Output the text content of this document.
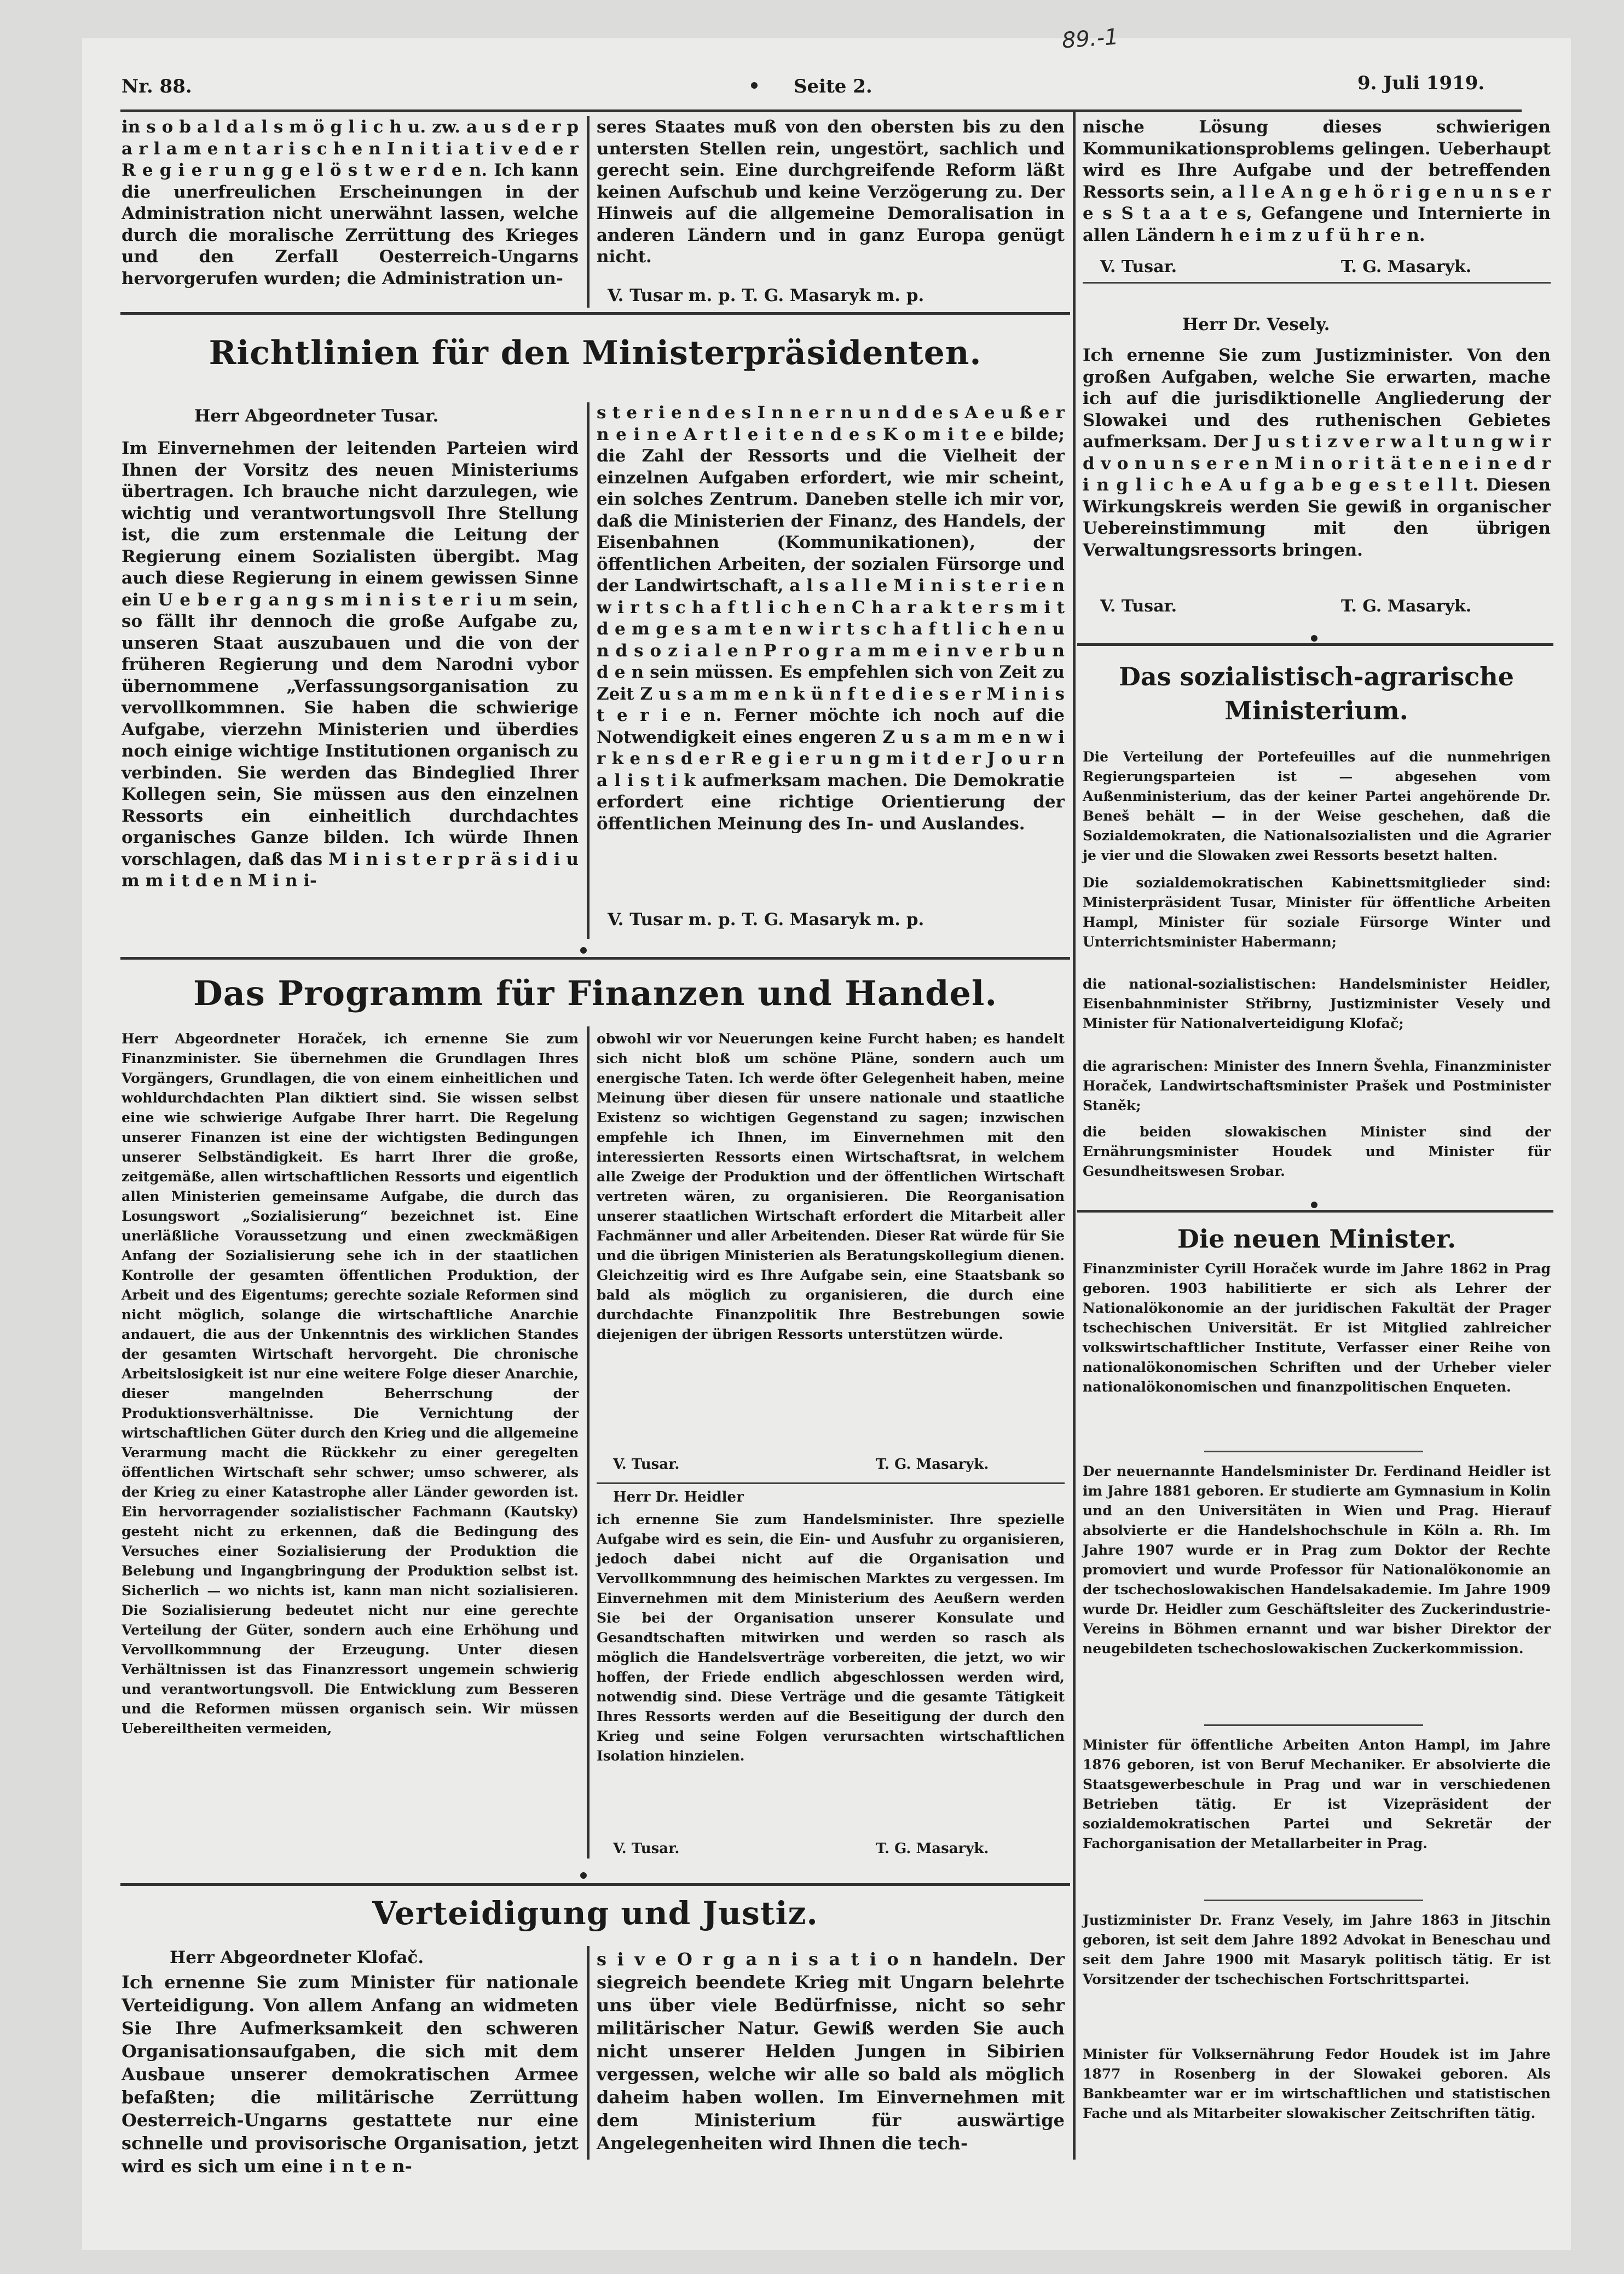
Nr. 88.	Seite 2.	9. Juli 1919.
89.-1
in s o b a l d a l s m ö g l i c h u. zw. a u s d e r p a r l a m e n t a r i s c h e n I n i t i a t i v e d e r R e g i e r u n g g e l ö s t w e r d e n. Ich kann die unerfreulichen Erscheinungen in der Administration nicht unerwähnt lassen, welche durch die moralische Zerrüttung des Krieges und den Zerfall Oesterreich-Ungarns hervorgerufen wurden; die Administration un-
seres Staates muß von den obersten bis zu den untersten Stellen rein, ungestört, sachlich und gerecht sein. Eine durchgreifende Reform läßt keinen Aufschub und keine Verzögerung zu. Der Hinweis auf die allgemeine Demoralisation in anderen Ländern und in ganz Europa genügt nicht.
V. Tusar m. p. T. G. Masaryk m. p.
nische Lösung dieses schwierigen Kommunikationsproblems gelingen. Ueberhaupt wird es Ihre Aufgabe und der betreffenden Ressorts sein, a l l e A n g e h ö r i g e n u n s e r e s S t a a t e s, Gefangene und Internierte in allen Ländern h e i m z u f ü h r e n.
V. Tusar.	T. G. Masaryk.
Richtlinien für den Ministerpräsidenten.
Herr Abgeordneter Tusar.
Im Einvernehmen der leitenden Parteien wird Ihnen der Vorsitz des neuen Ministeriums übertragen. Ich brauche nicht darzulegen, wie wichtig und verantwortungsvoll Ihre Stellung ist, die zum erstenmale die Leitung der Regierung einem Sozialisten übergibt. Mag auch diese Regierung in einem gewissen Sinne ein U e b e r g a n g s m i n i s t e r i u m sein, so fällt ihr dennoch die große Aufgabe zu, unseren Staat auszubauen und die von der früheren Regierung und dem Narodni vybor übernommene „Verfassungsorganisation zu vervollkommnen. Sie haben die schwierige Aufgabe, vierzehn Ministerien und überdies noch einige wichtige Institutionen organisch zu verbinden. Sie werden das Bindeglied Ihrer Kollegen sein, Sie müssen aus den einzelnen Ressorts ein einheitlich durchdachtes organisches Ganze bilden. Ich würde Ihnen vorschlagen, daß das M i n i s t e r p r ä s i d i u m m i t d e n M i n i-
s t e r i e n d e s I n n e r n u n d d e s A e u ß e r n e i n e A r t l e i t e n d e s K o m i t e e bilde; die Zahl der Ressorts und die Vielheit der einzelnen Aufgaben erfordert, wie mir scheint, ein solches Zentrum. Daneben stelle ich mir vor, daß die Ministerien der Finanz, des Handels, der Eisenbahnen (Kommunikationen), der öffentlichen Arbeiten, der sozialen Fürsorge und der Landwirtschaft, a l s a l l e M i n i s t e r i e n w i r t s c h a f t l i c h e n C h a r a k t e r s m i t d e m g e s a m t e n w i r t s c h a f t l i c h e n u n d s o z i a l e n P r o g r a m m e i n v e r b u n d e n sein müssen. Es empfehlen sich von Zeit zu Zeit Z u s a m m e n k ü n f t e d i e s e r M i n i s t e r i e n. Ferner möchte ich noch auf die Notwendigkeit eines engeren Z u s a m m e n w i r k e n s d e r R e g i e r u n g m i t d e r J o u r n a l i s t i k aufmerksam machen. Die Demokratie erfordert eine richtige Orientierung der öffentlichen Meinung des In- und Auslandes.
V. Tusar m. p. T. G. Masaryk m. p.
Das Programm für Finanzen und Handel.
Herr Abgeordneter Horaček, ich ernenne Sie zum Finanzminister. Sie übernehmen die Grundlagen Ihres Vorgängers, Grundlagen, die von einem einheitlichen und wohldurchdachten Plan diktiert sind. Sie wissen selbst eine wie schwierige Aufgabe Ihrer harrt. Die Regelung unserer Finanzen ist eine der wichtigsten Bedingungen unserer Selbständigkeit. Es harrt Ihrer die große, zeitgemäße, allen wirtschaftlichen Ressorts und eigentlich allen Ministerien gemeinsame Aufgabe, die durch das Losungswort „Sozialisierung“ bezeichnet ist. Eine unerläßliche Voraussetzung und einen zweckmäßigen Anfang der Sozialisierung sehe ich in der staatlichen Kontrolle der gesamten öffentlichen Produktion, der Arbeit und des Eigentums; gerechte soziale Reformen sind nicht möglich, solange die wirtschaftliche Anarchie andauert, die aus der Unkenntnis des wirklichen Standes der gesamten Wirtschaft hervorgeht. Die chronische Arbeitslosigkeit ist nur eine weitere Folge dieser Anarchie, dieser mangelnden Beherrschung der Produktionsverhältnisse. Die Vernichtung der wirtschaftlichen Güter durch den Krieg und die allgemeine Verarmung macht die Rückkehr zu einer geregelten öffentlichen Wirtschaft sehr schwer; umso schwerer, als der Krieg zu einer Katastrophe aller Länder geworden ist. Ein hervorragender sozialistischer Fachmann (Kautsky) gesteht nicht zu erkennen, daß die Bedingung des Versuches einer Sozialisierung der Produktion die Belebung und Ingangbringung der Produktion selbst ist. Sicherlich — wo nichts ist, kann man nicht sozialisieren. Die Sozialisierung bedeutet nicht nur eine gerechte Verteilung der Güter, sondern auch eine Erhöhung und Vervollkommnung der Erzeugung. Unter diesen Verhältnissen ist das Finanzressort ungemein schwierig und verantwortungsvoll. Die Entwicklung zum Besseren und die Reformen müssen organisch sein. Wir müssen Uebereiltheiten vermeiden,
obwohl wir vor Neuerungen keine Furcht haben; es handelt sich nicht bloß um schöne Pläne, sondern auch um energische Taten. Ich werde öfter Gelegenheit haben, meine Meinung über diesen für unsere nationale und staatliche Existenz so wichtigen Gegenstand zu sagen; inzwischen empfehle ich Ihnen, im Einvernehmen mit den interessierten Ressorts einen Wirtschaftsrat, in welchem alle Zweige der Produktion und der öffentlichen Wirtschaft vertreten wären, zu organisieren. Die Reorganisation unserer staatlichen Wirtschaft erfordert die Mitarbeit aller Fachmänner und aller Arbeitenden. Dieser Rat würde für Sie und die übrigen Ministerien als Beratungskollegium dienen. Gleichzeitig wird es Ihre Aufgabe sein, eine Staatsbank so bald als möglich zu organisieren, die durch eine durchdachte Finanzpolitik Ihre Bestrebungen sowie diejenigen der übrigen Ressorts unterstützen würde.
V. Tusar.	T. G. Masaryk.
Herr Dr. Heidler
ich ernenne Sie zum Handelsminister. Ihre spezielle Aufgabe wird es sein, die Ein- und Ausfuhr zu organisieren, jedoch dabei nicht auf die Organisation und Vervollkommnung des heimischen Marktes zu vergessen. Im Einvernehmen mit dem Ministerium des Aeußern werden Sie bei der Organisation unserer Konsulate und Gesandtschaften mitwirken und werden so rasch als möglich die Handelsverträge vorbereiten, die jetzt, wo wir hoffen, der Friede endlich abgeschlossen werden wird, notwendig sind. Diese Verträge und die gesamte Tätigkeit Ihres Ressorts werden auf die Beseitigung der durch den Krieg und seine Folgen verursachten wirtschaftlichen Isolation hinzielen.
V. Tusar.	T. G. Masaryk.
Verteidigung und Justiz.
Herr Abgeordneter Klofač.
Ich ernenne Sie zum Minister für nationale Verteidigung. Von allem Anfang an widmeten Sie Ihre Aufmerksamkeit den schweren Organisationsaufgaben, die sich mit dem Ausbaue unserer demokratischen Armee befaßten; die militärische Zerrüttung Oesterreich-Ungarns gestattete nur eine schnelle und provisorische Organisation, jetzt wird es sich um eine i n t e n-
s i v e O r g a n i s a t i o n handeln. Der siegreich beendete Krieg mit Ungarn belehrte uns über viele Bedürfnisse, nicht so sehr militärischer Natur. Gewiß werden Sie auch nicht unserer Helden Jungen in Sibirien vergessen, welche wir alle so bald als möglich daheim haben wollen. Im Einvernehmen mit dem Ministerium für auswärtige Angelegenheiten wird Ihnen die tech-
Herr Dr. Vesely.
Ich ernenne Sie zum Justizminister. Von den großen Aufgaben, welche Sie erwarten, mache ich auf die jurisdiktionelle Angliederung der Slowakei und des ruthenischen Gebietes aufmerksam. Der J u s t i z v e r w a l t u n g w i r d v o n u n s e r e n M i n o r i t ä t e n e i n e d r i n g l i c h e A u f g a b e g e s t e l l t. Diesen Wirkungskreis werden Sie gewiß in organischer Uebereinstimmung mit den übrigen Verwaltungsressorts bringen.
V. Tusar.	T. G. Masaryk.
Das sozialistisch-agrarische Ministerium.
Die Verteilung der Portefeuilles auf die nunmehrigen Regierungsparteien ist — abgesehen vom Außenministerium, das der keiner Partei angehörende Dr. Beneš behält — in der Weise geschehen, daß die Sozialdemokraten, die Nationalsozialisten und die Agrarier je vier und die Slowaken zwei Ressorts besetzt halten.
Die sozialdemokratischen Kabinettsmitglieder sind: Ministerpräsident Tusar, Minister für öffentliche Arbeiten Hampl, Minister für soziale Fürsorge Winter und Unterrichtsminister Habermann;
die national-sozialistischen: Handelsminister Heidler, Eisenbahnminister Střibrny, Justizminister Vesely und Minister für Nationalverteidigung Klofač;
die agrarischen: Minister des Innern Švehla, Finanzminister Horaček, Landwirtschaftsminister Prašek und Postminister Staněk;
die beiden slowakischen Minister sind der Ernährungsminister Houdek und Minister für Gesundheitswesen Srobar.
Die neuen Minister.
Finanzminister Cyrill Horaček wurde im Jahre 1862 in Prag geboren. 1903 habilitierte er sich als Lehrer der Nationalökonomie an der juridischen Fakultät der Prager tschechischen Universität. Er ist Mitglied zahlreicher volkswirtschaftlicher Institute, Verfasser einer Reihe von nationalökonomischen Schriften und der Urheber vieler nationalökonomischen und finanzpolitischen Enqueten.
Der neuernannte Handelsminister Dr. Ferdinand Heidler ist im Jahre 1881 geboren. Er studierte am Gymnasium in Kolin und an den Universitäten in Wien und Prag. Hierauf absolvierte er die Handelshochschule in Köln a. Rh. Im Jahre 1907 wurde er in Prag zum Doktor der Rechte promoviert und wurde Professor für Nationalökonomie an der tschechoslowakischen Handelsakademie. Im Jahre 1909 wurde Dr. Heidler zum Geschäftsleiter des Zuckerindustrie-Vereins in Böhmen ernannt und war bisher Direktor der neugebildeten tschechoslowakischen Zuckerkommission.
Minister für öffentliche Arbeiten Anton Hampl, im Jahre 1876 geboren, ist von Beruf Mechaniker. Er absolvierte die Staatsgewerbeschule in Prag und war in verschiedenen Betrieben tätig. Er ist Vizepräsident der sozialdemokratischen Partei und Sekretär der Fachorganisation der Metallarbeiter in Prag.
Justizminister Dr. Franz Vesely, im Jahre 1863 in Jitschin geboren, ist seit dem Jahre 1892 Advokat in Beneschau und seit dem Jahre 1900 mit Masaryk politisch tätig. Er ist Vorsitzender der tschechischen Fortschrittspartei.
Minister für Volksernährung Fedor Houdek ist im Jahre 1877 in Rosenberg in der Slowakei geboren. Als Bankbeamter war er im wirtschaftlichen und statistischen Fache und als Mitarbeiter slowakischer Zeitschriften tätig.
